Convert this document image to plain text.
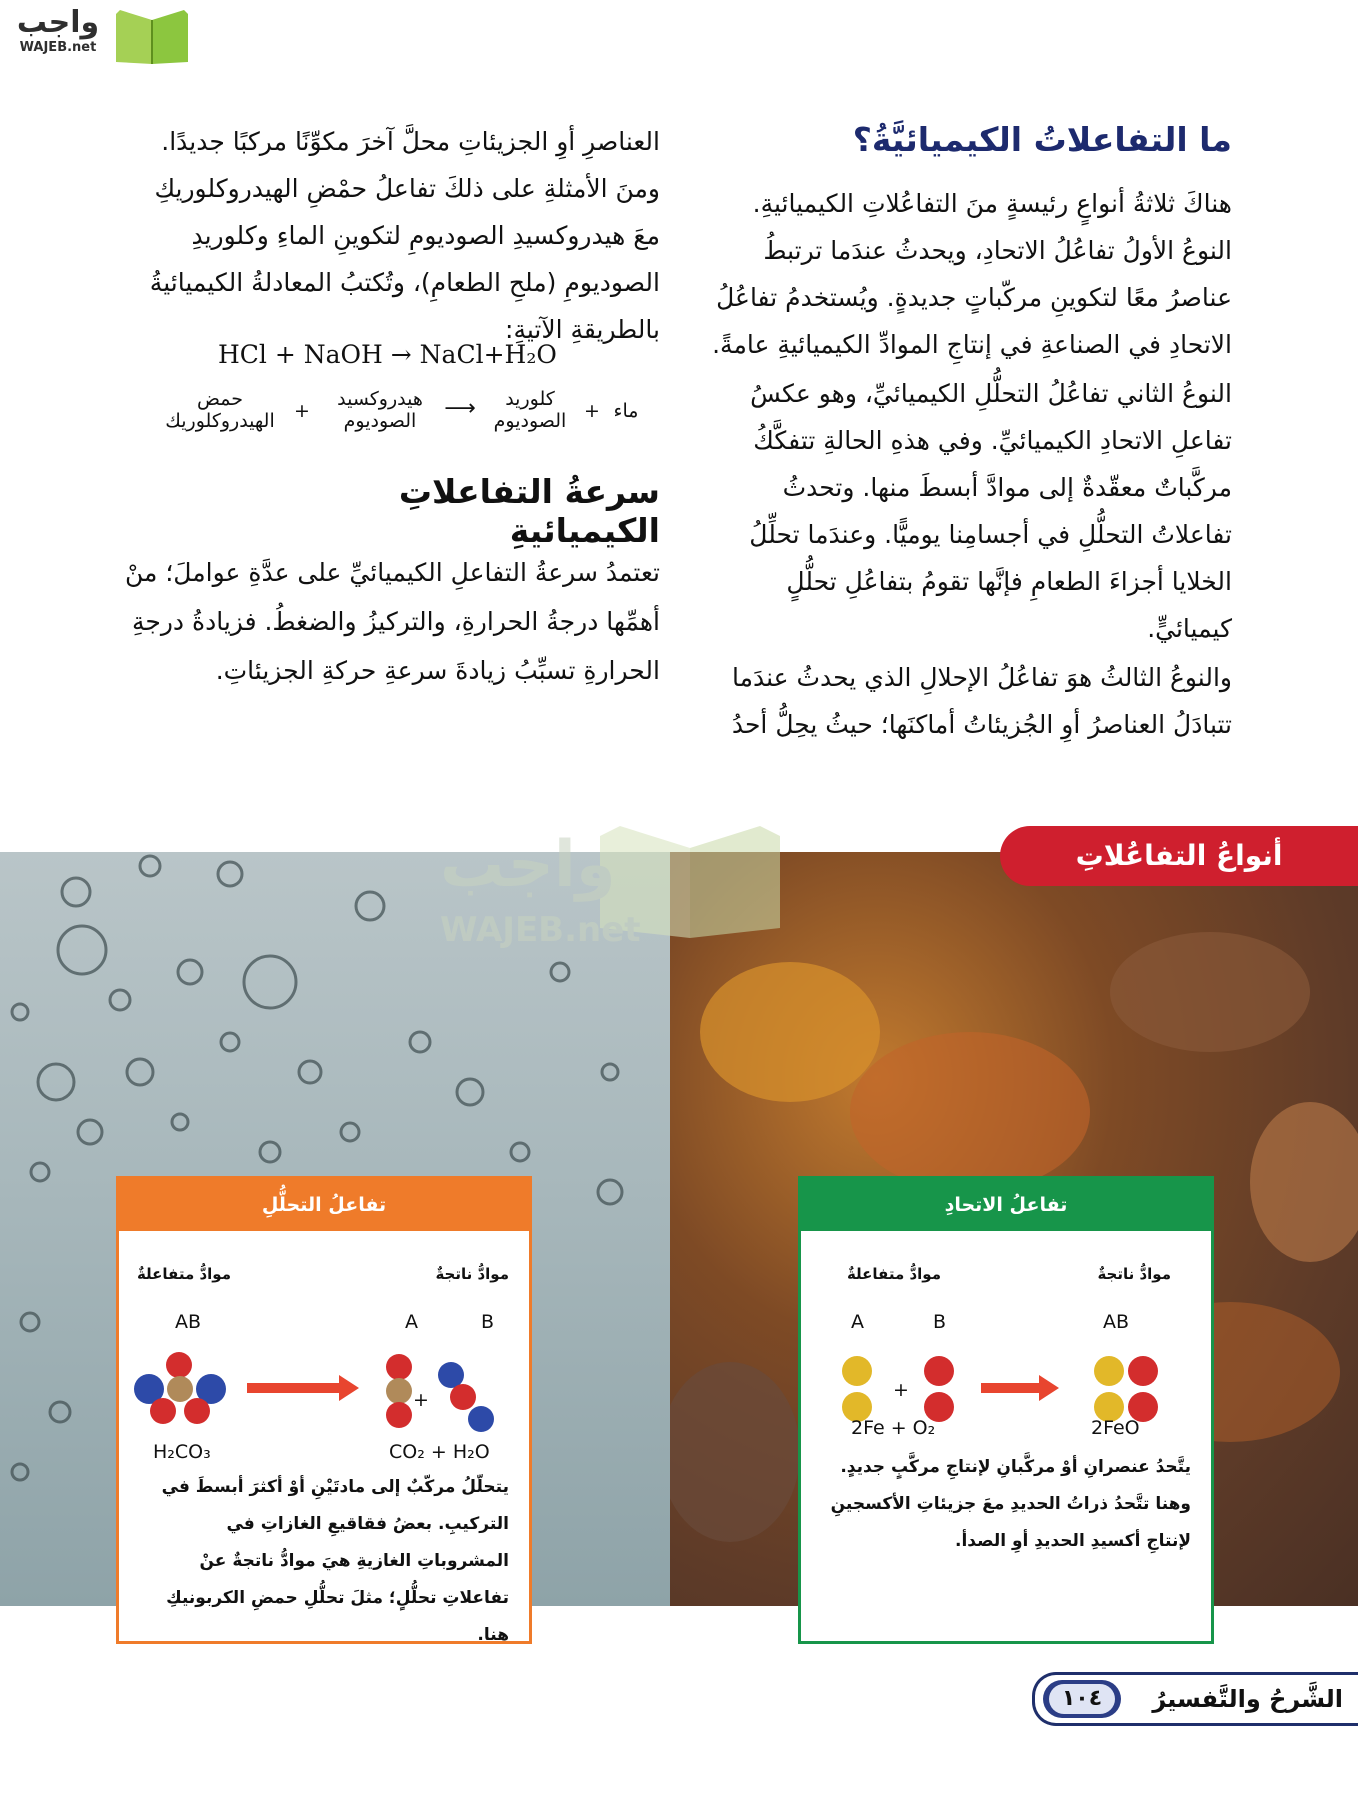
واجب
WAJEB.net
ما التفاعلاتُ الكيميائيَّةُ؟

هناكَ ثلاثةُ أنواعٍ رئيسةٍ منَ التفاعُلاتِ الكيميائيةِ. النوعُ الأولُ تفاعُلُ الاتحادِ، ويحدثُ عندَما ترتبطُ عناصرُ معًا لتكوينِ مركّباتٍ جديدةٍ. ويُستخدمُ تفاعُلُ الاتحادِ في الصناعةِ في إنتاجِ الموادِّ الكيميائيةِ عامةً.

النوعُ الثاني تفاعُلُ التحلُّلِ الكيميائيِّ، وهو عكسُ تفاعلِ الاتحادِ الكيميائيِّ. وفي هذهِ الحالةِ تتفكَّكُ مركَّباتٌ معقّدةٌ إلى موادَّ أبسطَ منها. وتحدثُ تفاعلاتُ التحلُّلِ في أجسامِنا يوميًّا. وعندَما تحلِّلُ الخلايا أجزاءَ الطعامِ فإنَّها تقومُ بتفاعُلِ تحلُّلٍ كيميائيٍّ.

والنوعُ الثالثُ هوَ تفاعُلُ الإحلالِ الذي يحدثُ عندَما تتبادَلُ العناصرُ أوِ الجُزيئاتُ أماكنَها؛ حيثُ يحِلُّ أحدُ

العناصرِ أوِ الجزيئاتِ محلَّ آخرَ مكوِّنًا مركبًا جديدًا. ومنَ الأمثلةِ على ذلكَ تفاعلُ حمْضِ الهيدروكلوريكِ معَ هيدروكسيدِ الصوديومِ لتكوينِ الماءِ وكلوريدِ الصوديومِ (ملحِ الطعامِ)، وتُكتبُ المعادلةُ الكيميائيةُ بالطريقةِ الآتيةِ:

HCl + NaOH → NaCl+H₂O
حمض
الهيدروكلوريك	+
هيدروكسيد
الصوديوم	⟶	كلوريد
الصوديوم + ماء
سرعةُ التفاعلاتِ الكيميائيةِ
تعتمدُ سرعةُ التفاعلِ الكيميائيِّ على عدَّةِ عواملَ؛ منْ أهمِّها درجةُ الحرارةِ، والتركيزُ والضغطُ. فزيادةُ درجةِ الحرارةِ تسبِّبُ زيادةَ سرعةِ حركةِ الجزيئاتِ.
واجب
WAJEB.net
أنواعُ التفاعُلاتِ
تفاعلُ التحلُّلِ
موادُّ ناتجةٌ
موادُّ متفاعلةٌ
AB	A	B
+
H₂CO₃	CO₂ + H₂O
يتحلّلُ مركّبٌ إلى مادتَيْنِ أوْ أكثرَ أبسطَ في التركيبِ. بعضُ فقاقيعِ الغازاتِ في المشروباتِ الغازيةِ هيَ موادُّ ناتجةٌ عنْ تفاعلاتِ تحلُّلٍ؛ مثلَ تحلُّلِ حمضِ الكربونيكِ هنا.
تفاعلُ الاتحادِ
موادُّ ناتجةٌ
موادُّ متفاعلةٌ
A	B	AB
+
2Fe + O₂	2FeO
يتَّحدُ عنصرانِ أوْ مركَّبانِ لإنتاجِ مركَّبٍ جديدٍ. وهنا تتَّحدُ ذراتُ الحديدِ معَ جزيئاتِ الأكسجينِ لإنتاجِ أكسيدِ الحديدِ أوِ الصدأ.
الشَّرحُ والتَّفسيرُ
١٠٤
